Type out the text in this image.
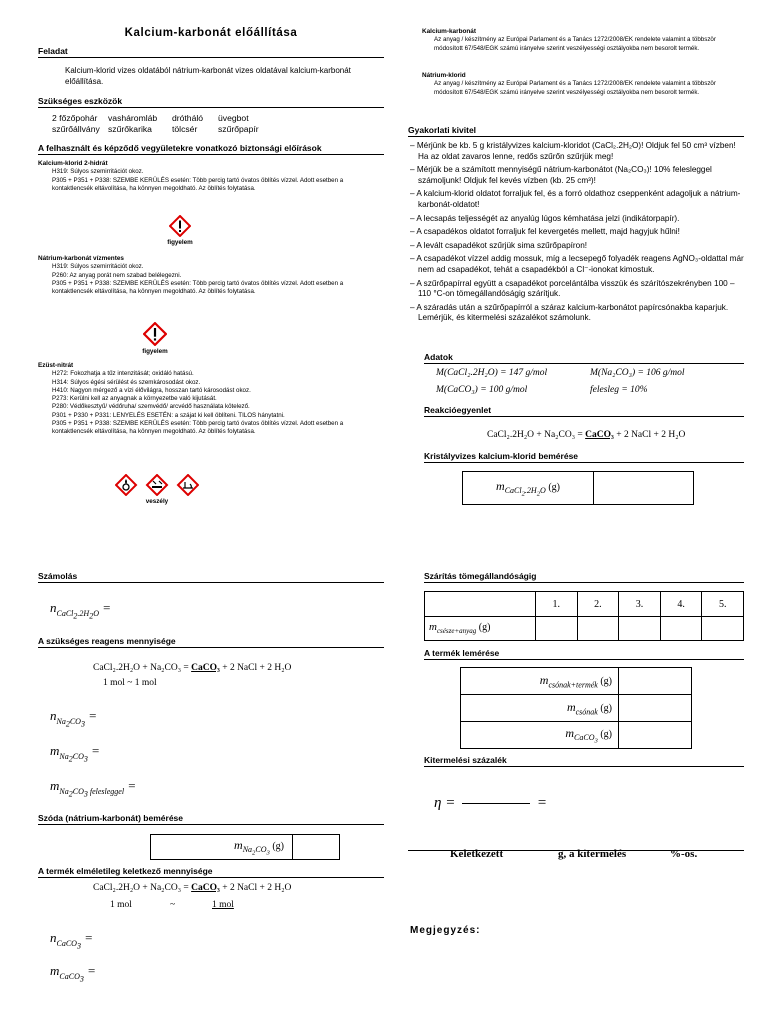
Kalcium-karbonát előállítása
Feladat
Kalcium-klorid vizes oldatából nátrium-karbonát vizes oldatával kalcium-karbonát előállítása.
Szükséges eszközök
2 főzőpohár vasháromláb drótháló üvegbot
szűrőállvány szűrőkarika tölcsér szűrőpapír
A felhasznált és képződő vegyületekre vonatkozó biztonsági előírások
Kalcium-klorid 2-hidrát
H319: Súlyos szemirritációt okoz.
P305 + P351 + P338: SZEMBE KERÜLÉS esetén: Több percig tartó óvatos öblítés vízzel. Adott esetben a kontaktlencsék eltávolítása, ha könnyen megoldható. Az öblítés folytatása.
figyelem
Nátrium-karbonát vízmentes
H319: Súlyos szemirritációt okoz.
P260: Az anyag porát nem szabad belélegezni.
P305 + P351 + P338: SZEMBE KERÜLÉS esetén: Több percig tartó óvatos öblítés vízzel. Adott esetben a kontaktlencsék eltávolítása, ha könnyen megoldható. Az öblítés folytatása.
figyelem
Ezüst-nitrát
H272: Fokozhatja a tűz intenzitását; oxidáló hatású.
H314: Súlyos égési sérülést és szemkárosodást okoz.
H410: Nagyon mérgező a vízi élővilágra, hosszan tartó károsodást okoz.
P273: Kerülni kell az anyagnak a környezetbe való kijutását.
P280: Védőkesztyű/ védőruha/ szemvédő/ arcvédő használata kötelező.
P301 + P330 + P331: LENYELÉS ESETÉN: a szájat ki kell öblíteni. TILOS hánytatni.
P305 + P351 + P338: SZEMBE KERÜLÉS esetén: Több percig tartó óvatos öblítés vízzel. Adott esetben a kontaktlencsék eltávolítása, ha könnyen megoldható. Az öblítés folytatása.
veszély
Számolás
$n_{CaCl_2.2H_2O}$ =
A szükséges reagens mennyisége
CaCl₂.2H₂O + Na₂CO₃ = CaCO₃ + 2 NaCl + 2 H₂O
1 mol ~ 1 mol
$n_{Na_2CO_3}$ =
$m_{Na_2CO_3}$ =
$m_{Na_2CO_3 felesleggel}$ =
Szóda (nátrium-karbonát) bemérése
$m_{Na_2CO_3}$ (g)	
A termék elméletileg keletkező mennyisége
CaCl₂.2H₂O + Na₂CO₃ = CaCO₃ + 2 NaCl + 2 H₂O
1 mol	~	1 mol
$n_{CaCO_3}$ =
$m_{CaCO_3}$ =
Kalcium-karbonát
Az anyag / készítmény az Európai Parlament és a Tanács 1272/2008/EK rendelete valamint a többször módosított 67/548/EGK számú irányelve szerint veszélyességi osztályokba nem besorolt termék.
Nátrium-klorid
Az anyag / készítmény az Európai Parlament és a Tanács 1272/2008/EK rendelete valamint a többször módosított 67/548/EGK számú irányelve szerint veszélyességi osztályokba nem besorolt termék.
Gyakorlati kivitel
– Mérjünk be kb. 5 g kristályvizes kalcium-kloridot (CaCl₂.2H₂O)! Oldjuk fel 50 cm³ vízben! Ha az oldat zavaros lenne, redős szűrőn szűrjük meg!
– Mérjük be a számított mennyiségű nátrium-karbonátot (Na₂CO₃)! 10% felesleggel számoljunk! Oldjuk fel kevés vízben (kb. 25 cm³)!
– A kalcium-klorid oldatot forraljuk fel, és a forró oldathoz cseppenként adagoljuk a nátrium-karbonát-oldatot!
– A lecsapás teljességét az anyalúg lúgos kémhatása jelzi (indikátorpapír).
– A csapadékos oldatot forraljuk fel kevergetés mellett, majd hagyjuk hűlni!
– A levált csapadékot szűrjük sima szűrőpapíron!
– A csapadékot vízzel addig mossuk, míg a lecsepegő folyadék reagens AgNO₃-oldattal már nem ad csapadékot, tehát a csapadékból a Cl⁻-ionokat kimostuk.
– A szűrőpapírral együtt a csapadékot porcelántálba visszük és szárítószekrényben 100 – 110 °C-on tömegállandóságig szárítjuk.
– A száradás után a szűrőpapírról a száraz kalcium-karbonátot papírcsónakba kaparjuk. Lemérjük, és kitermelési százalékot számolunk.
Adatok
M(CaCl₂.2H₂O) = 147 g/mol	M(Na₂CO₃) = 106 g/mol
M(CaCO₃) = 100 g/mol	felesleg = 10%
Reakcióegyenlet
CaCl₂.2H₂O + Na₂CO₃ = CaCO₃ + 2 NaCl + 2 H₂O
Kristályvizes kalcium-klorid bemérése
$m_{CaCl_2.2H_2O}$ (g)	
Szárítás tömegállandóságig
	1.	2.	3.	4.	5.
$m_{csésze+anyag}$ (g)					
A termék lemérése
$m_{csónak+termék}$ (g)	
$m_{csónak}$ (g)	
$m_{CaCO_3}$ (g)	
Kitermelési százalék
η =	=
Keletkezett	g, a kitermelés	%-os.
Megjegyzés:
